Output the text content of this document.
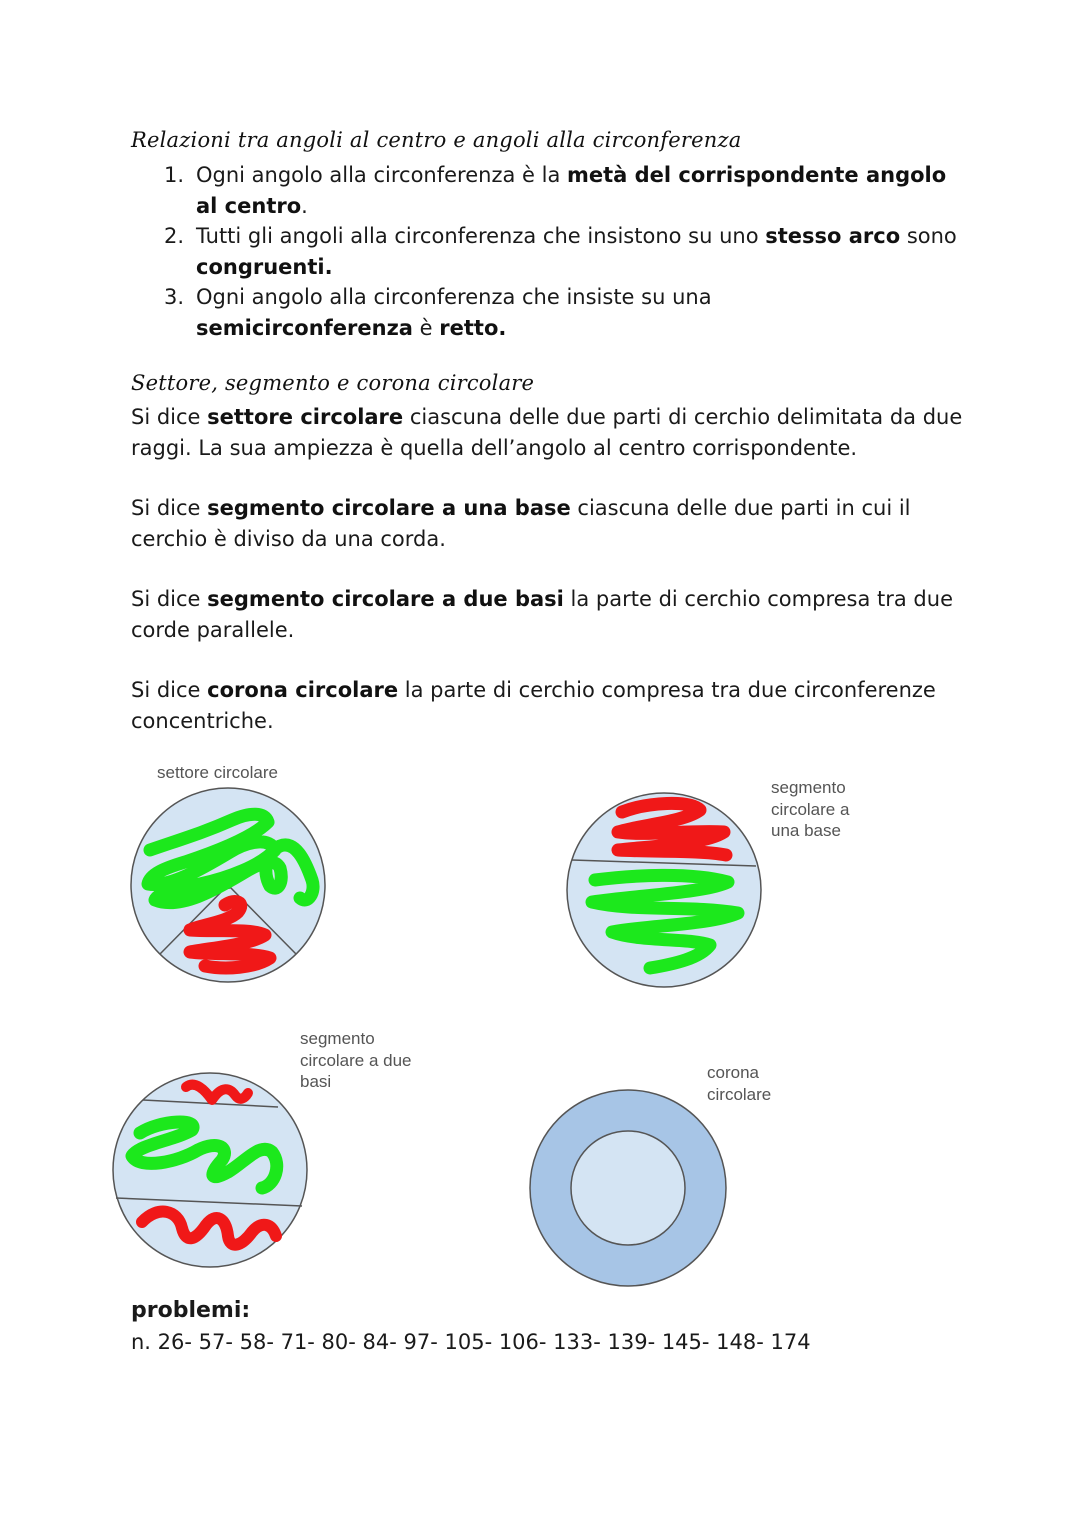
Relazioni tra angoli al centro e angoli alla circonferenza
1. Ogni angolo alla circonferenza è la metà del corrispondente angolo al centro.
2. Tutti gli angoli alla circonferenza che insistono su uno stesso arco sono congruenti.
3. Ogni angolo alla circonferenza che insiste su una
semicirconferenza è retto.
Settore, segmento e corona circolare

Si dice settore circolare ciascuna delle due parti di cerchio delimitata da due raggi. La sua ampiezza è quella dell’angolo al centro corrispondente.

Si dice segmento circolare a una base ciascuna delle due parti in cui il cerchio è diviso da una corda.

Si dice segmento circolare a due basi la parte di cerchio compresa tra due corde parallele.

Si dice corona circolare la parte di cerchio compresa tra due circonferenze concentriche.

settore circolare
segmento
circolare a
una base
segmento
circolare a due
basi	corona
circolare

problemi:

n. 26- 57- 58- 71- 80- 84- 97- 105- 106- 133- 139- 145- 148- 174
